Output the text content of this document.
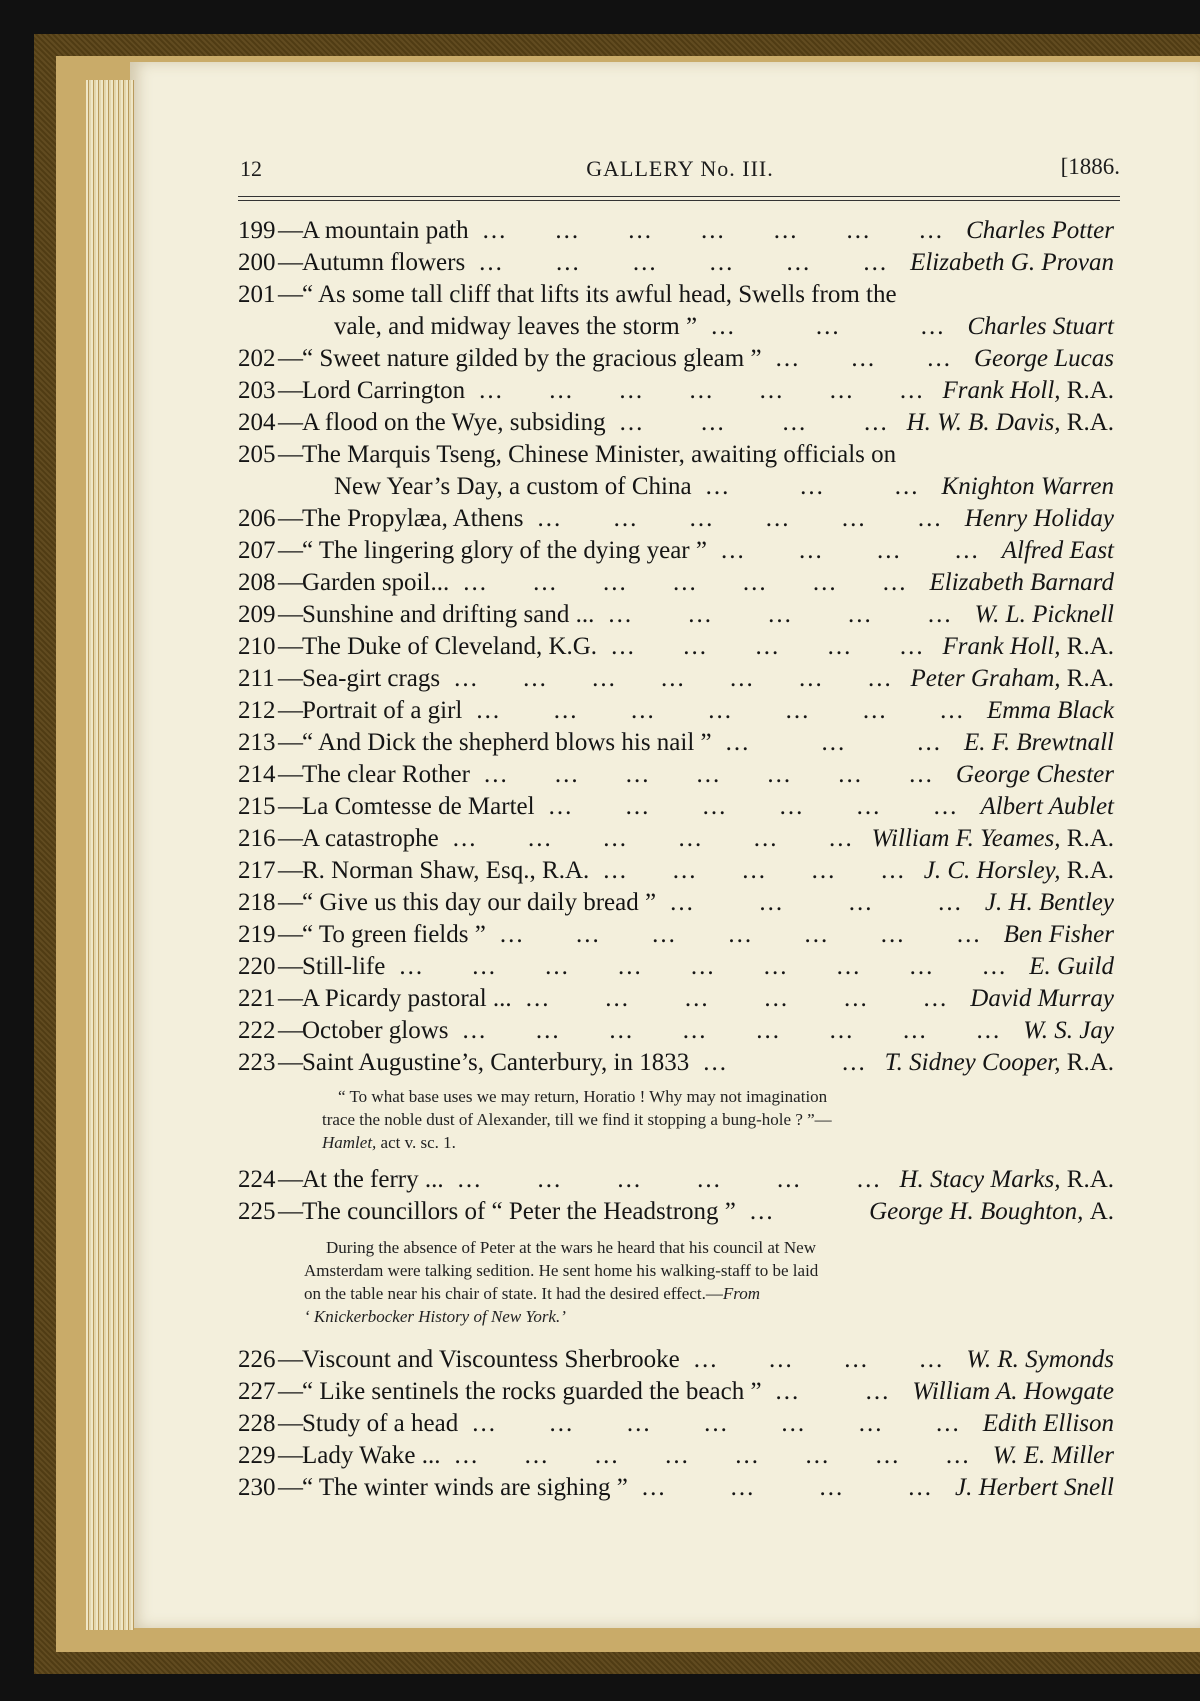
12	GALLERY No. III.	[1886.
199 — A mountain path	Charles Potter
... ... ... ... ... ... ...
200 — Autumn flowers	Elizabeth G. Provan
... ... ... ... ... ...
201 — “ As some tall cliff that lifts its awful head, Swells from the
vale, and midway leaves the storm ”	Charles Stuart
...	...	...
202 — “ Sweet nature gilded by the gracious gleam ”	George Lucas
... ... ...
203 — Lord Carrington	Frank Holl, R.A.
... ... ... ... ... ... ...
204 — A flood on the Wye, subsiding	H. W. B. Davis, R.A.
... ... ... ...
205 — The Marquis Tseng, Chinese Minister, awaiting officials on
New Year’s Day, a custom of China	Knighton Warren
...	...	...
206 — The Propylæa, Athens	Henry Holiday
... ... ... ... ... ...
207 — “ The lingering glory of the dying year ”	Alfred East
... ... ... ...
208 — Garden spoil...	Elizabeth Barnard
... ... ... ... ... ... ...
209 — Sunshine and drifting sand ...	W. L. Picknell
... ... ... ... ...
210 — The Duke of Cleveland, K.G.	Frank Holl, R.A.
... ... ... ... ...
211 — Sea-girt crags	Peter Graham, R.A.
... ... ... ... ... ... ...
212 — Portrait of a girl	Emma Black
... ... ... ... ... ... ...
213 — “ And Dick the shepherd blows his nail ”	E. F. Brewtnall
...	...	...
214 — The clear Rother	George Chester
... ... ... ... ... ... ...
215 — La Comtesse de Martel	Albert Aublet
... ... ... ... ... ...
216 — A catastrophe	William F. Yeames, R.A.
... ... ... ... ... ...
217 — R. Norman Shaw, Esq., R.A.	J. C. Horsley, R.A.
... ... ... ... ...
218 — “ Give us this day our daily bread ”	J. H. Bentley
...	...	...	...
219 — “ To green fields ”	Ben Fisher
... ... ... ... ... ... ...
220 — Still-life	E. Guild
... ... ... ... ... ... ... ... ...
221 — A Picardy pastoral ...	David Murray
... ... ... ... ... ...
222 — October glows	W. S. Jay
... ... ... ... ... ... ... ...
223 — Saint Augustine’s, Canterbury, in 1833	T. Sidney Cooper, R.A.
...	...
“ To what base uses we may return, Horatio ! Why may not imagination
trace the noble dust of Alexander, till we find it stopping a bung-hole ? ”—
Hamlet, act v. sc. 1.
224 — At the ferry ...	H. Stacy Marks, R.A.
... ... ... ... ... ...
225 — The councillors of “ Peter the Headstrong ”	George H. Boughton, A.
...
During the absence of Peter at the wars he heard that his council at New
Amsterdam were talking sedition. He sent home his walking-staff to be laid
on the table near his chair of state. It had the desired effect.—From
‘ Knickerbocker History of New York.’
226 — Viscount and Viscountess Sherbrooke	W. R. Symonds
... ... ... ...
227 — “ Like sentinels the rocks guarded the beach ”	William A. Howgate
...	...
228 — Study of a head	Edith Ellison
... ... ... ... ... ... ...
229 — Lady Wake ...	W. E. Miller
... ... ... ... ... ... ... ...
230 — “ The winter winds are sighing ”	J. Herbert Snell
...	...	...	...
